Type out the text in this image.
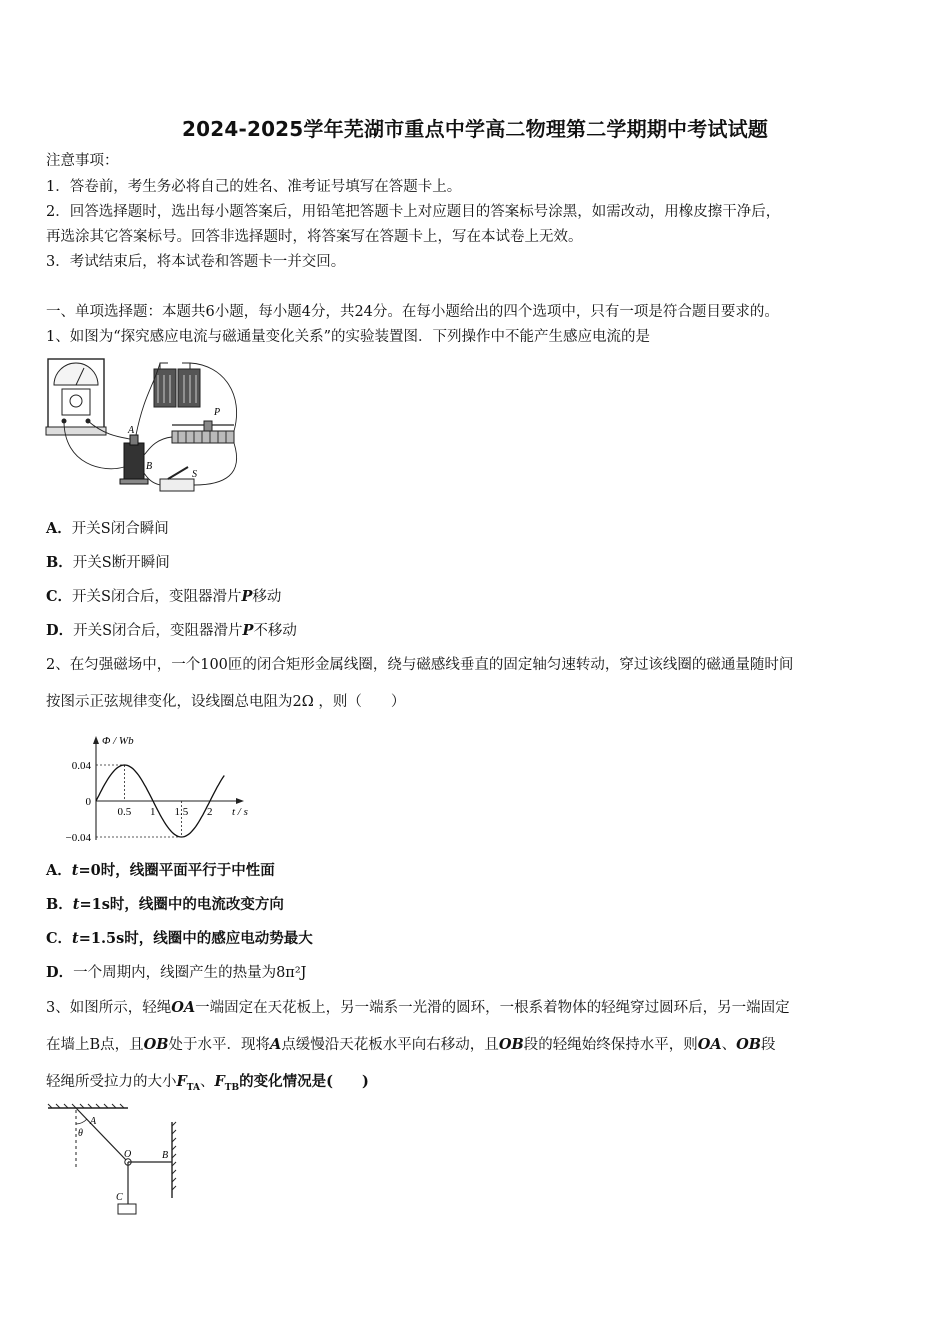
2024-2025学年芜湖市重点中学高二物理第二学期期中考试试题
注意事项：
1．答卷前，考生务必将自己的姓名、准考证号填写在答题卡上。
2．回答选择题时，选出每小题答案后，用铅笔把答题卡上对应题目的答案标号涂黑，如需改动，用橡皮擦干净后，
再选涂其它答案标号。回答非选择题时，将答案写在答题卡上，写在本试卷上无效。
3．考试结束后，将本试卷和答题卡一并交回。
一、单项选择题：本题共6小题，每小题4分，共24分。在每小题给出的四个选项中，只有一项是符合题目要求的。
1、如图为“探究感应电流与磁通量变化关系”的实验装置图．下列操作中不能产生感应电流的是
A
B
P
S
A．开关S闭合瞬间
B．开关S断开瞬间
C．开关S闭合后，变阻器滑片P移动
D．开关S闭合后，变阻器滑片P不移动
2、在匀强磁场中，一个100匝的闭合矩形金属线圈，绕与磁感线垂直的固定轴匀速转动，穿过该线圈的磁通量随时间
按图示正弦规律变化，设线圈总电阻为2Ω ，则（　　）
0.5 1 1.5 2
0.04
0
−0.04
Φ / Wb
t / s
A．t=0时，线圈平面平行于中性面
B．t=1s时，线圈中的电流改变方向
C．t=1.5s时，线圈中的感应电动势最大
D．一个周期内，线圈产生的热量为8π²J
3、如图所示，轻绳OA一端固定在天花板上，另一端系一光滑的圆环，一根系着物体的轻绳穿过圆环后，另一端固定
在墙上B点，且OB处于水平．现将A点缓慢沿天花板水平向右移动，且OB段的轻绳始终保持水平，则OA、OB段
轻绳所受拉力的大小$F_{TA}$、$F_{TB}$的变化情况是(　　)
A
θ
O	B
C
